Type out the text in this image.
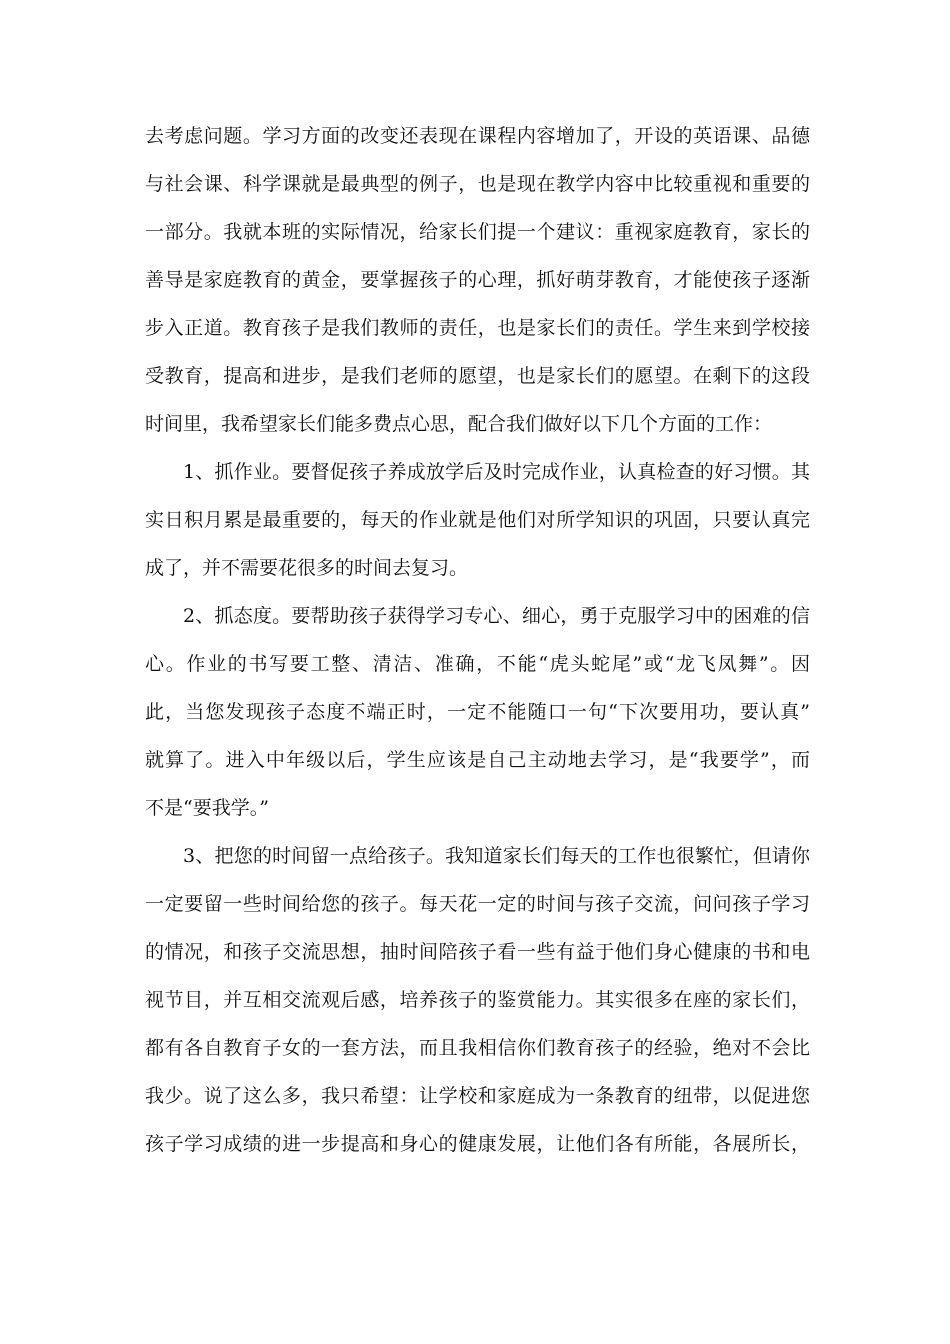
去考虑问题。学习方面的改变还表现在课程内容增加了，开设的英语课、品德
与社会课、科学课就是最典型的例子，也是现在教学内容中比较重视和重要的
一部分。我就本班的实际情况，给家长们提一个建议：重视家庭教育，家长的
善导是家庭教育的黄金，要掌握孩子的心理，抓好萌芽教育，才能使孩子逐渐
步入正道。教育孩子是我们教师的责任，也是家长们的责任。学生来到学校接
受教育，提高和进步，是我们老师的愿望，也是家长们的愿望。在剩下的这段
时间里，我希望家长们能多费点心思，配合我们做好以下几个方面的工作：
1、抓作业。要督促孩子养成放学后及时完成作业，认真检查的好习惯。其
实日积月累是最重要的，每天的作业就是他们对所学知识的巩固，只要认真完
成了，并不需要花很多的时间去复习。
2、抓态度。要帮助孩子获得学习专心、细心，勇于克服学习中的困难的信
心。作业的书写要工整、清洁、准确，不能“虎头蛇尾”或“龙飞凤舞”。因
此，当您发现孩子态度不端正时，一定不能随口一句“下次要用功，要认真”
就算了。进入中年级以后，学生应该是自己主动地去学习，是“我要学”，而
不是“要我学。”
3、把您的时间留一点给孩子。我知道家长们每天的工作也很繁忙，但请你
一定要留一些时间给您的孩子。每天花一定的时间与孩子交流，问问孩子学习
的情况，和孩子交流思想，抽时间陪孩子看一些有益于他们身心健康的书和电
视节目，并互相交流观后感，培养孩子的鉴赏能力。其实很多在座的家长们，
都有各自教育子女的一套方法，而且我相信你们教育孩子的经验，绝对不会比
我少。说了这么多，我只希望：让学校和家庭成为一条教育的纽带，以促进您
孩子学习成绩的进一步提高和身心的健康发展，让他们各有所能，各展所长，
